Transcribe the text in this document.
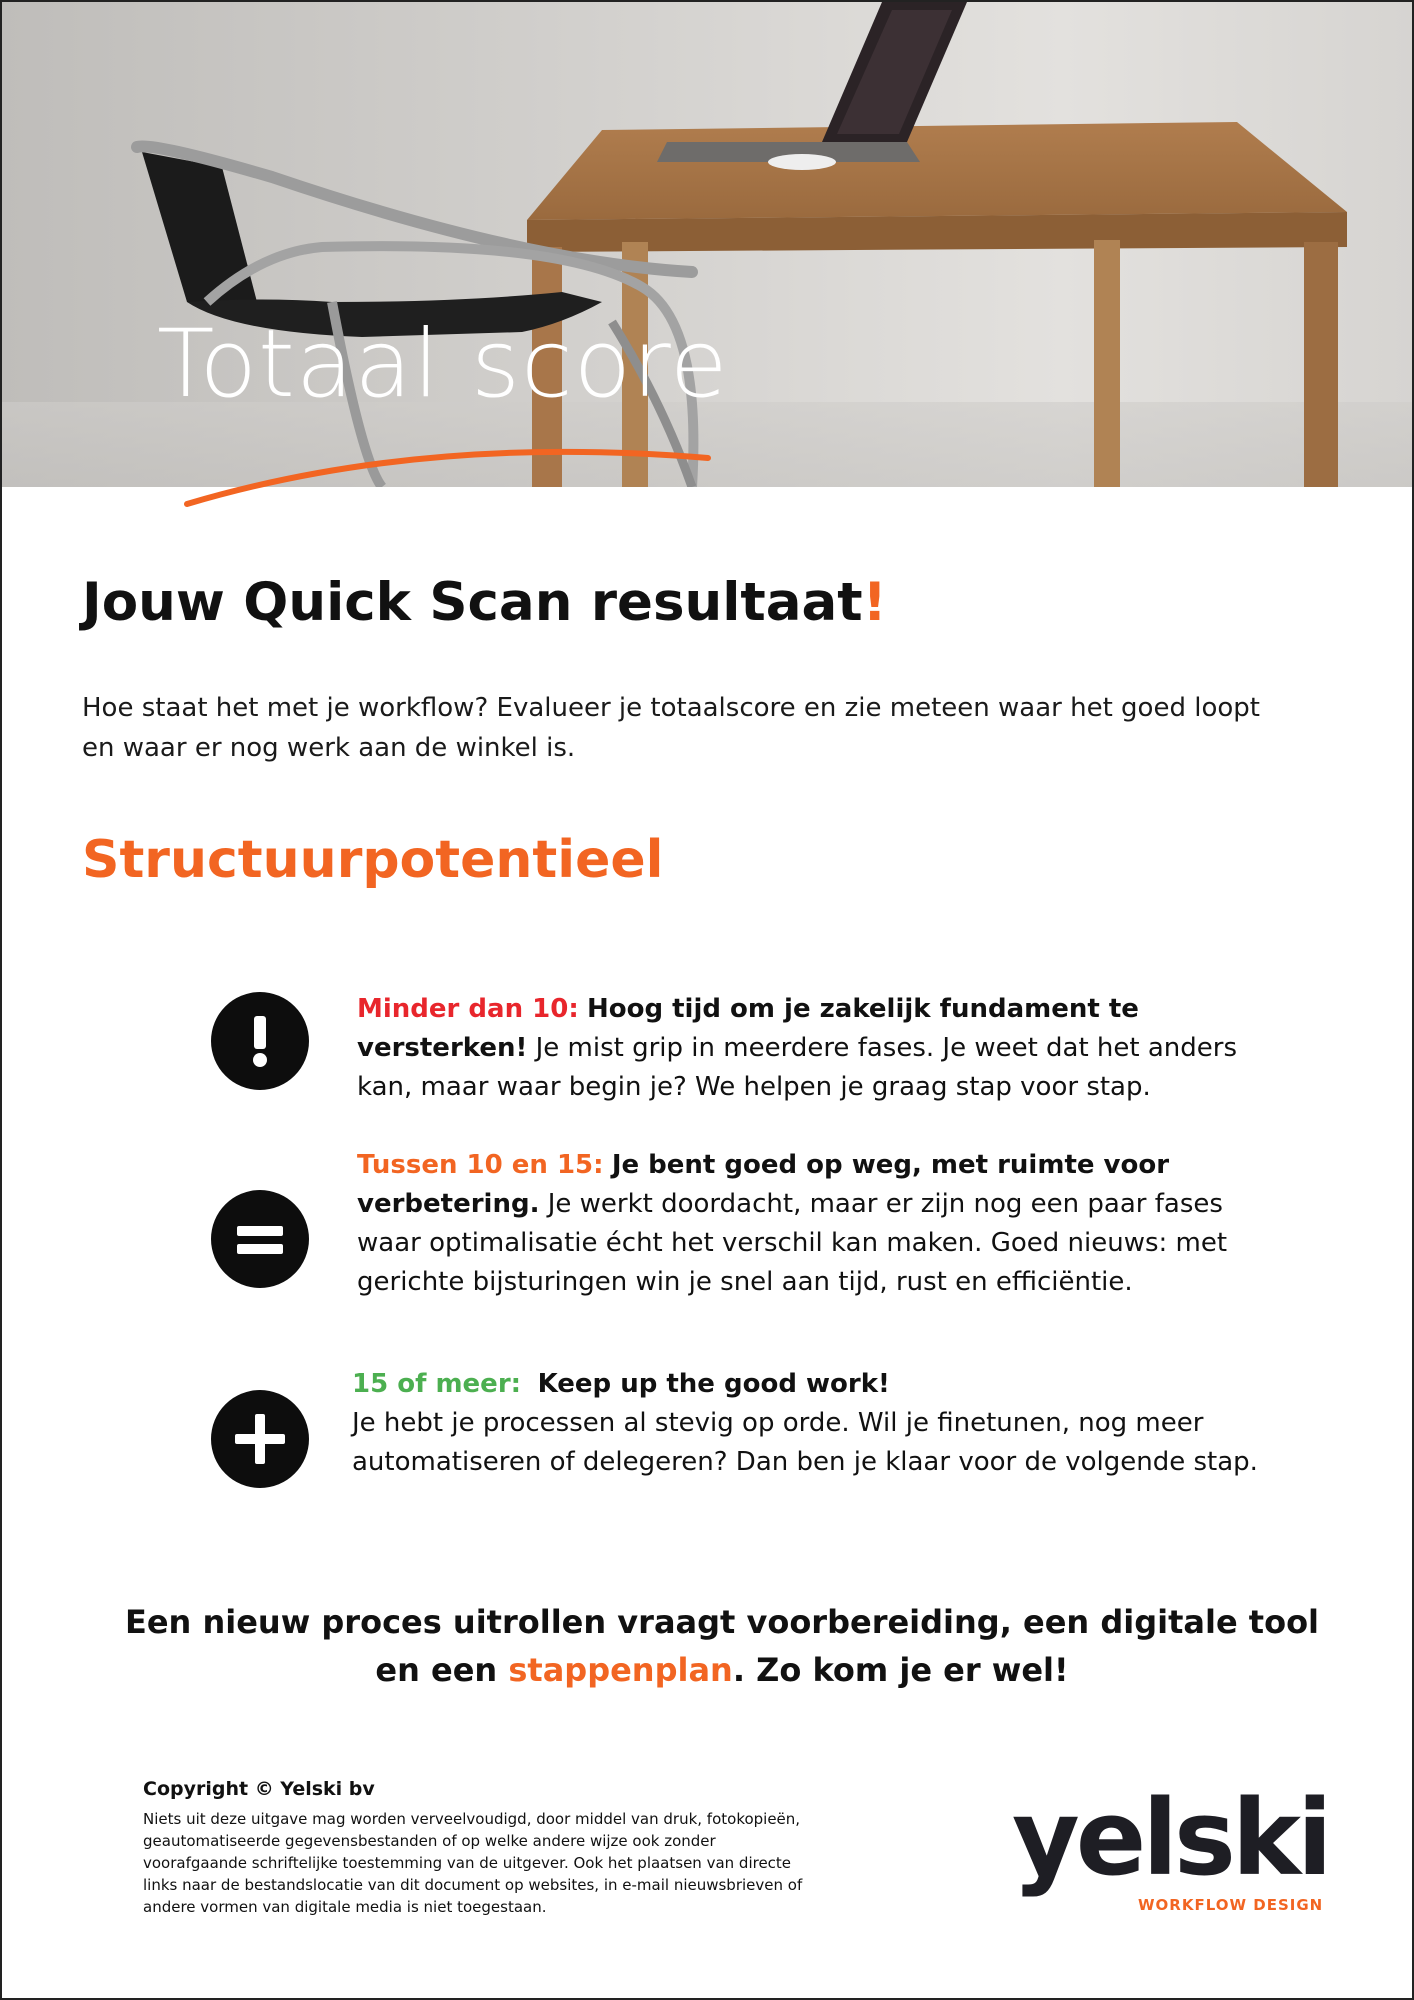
Totaal score
Jouw Quick Scan resultaat!
Hoe staat het met je workflow? Evalueer je totaalscore en zie meteen waar het goed loopt en waar er nog werk aan de winkel is.
Structuurpotentieel
Minder dan 10: Hoog tijd om je zakelijk fundament te versterken! Je mist grip in meerdere fases. Je weet dat het anders kan, maar waar begin je? We helpen je graag stap voor stap.
Tussen 10 en 15: Je bent goed op weg, met ruimte voor verbetering. Je werkt doordacht, maar er zijn nog een paar fases waar optimalisatie écht het verschil kan maken. Goed nieuws: met gerichte bijsturingen win je snel aan tijd, rust en efficiëntie.
15 of meer: Keep up the good work!
Je hebt je processen al stevig op orde. Wil je finetunen, nog meer automatiseren of delegeren? Dan ben je klaar voor de volgende stap.
Een nieuw proces uitrollen vraagt voorbereiding, een digitale tool en een stappenplan. Zo kom je er wel!
Copyright © Yelski bv
Niets uit deze uitgave mag worden verveelvoudigd, door middel van druk, fotokopieën, geautomatiseerde gegevensbestanden of op welke andere wijze ook zonder voorafgaande schriftelijke toestemming van de uitgever. Ook het plaatsen van directe links naar de bestandslocatie van dit document op websites, in e-mail nieuwsbrieven of andere vormen van digitale media is niet toegestaan.
yelski
WORKFLOW DESIGN
